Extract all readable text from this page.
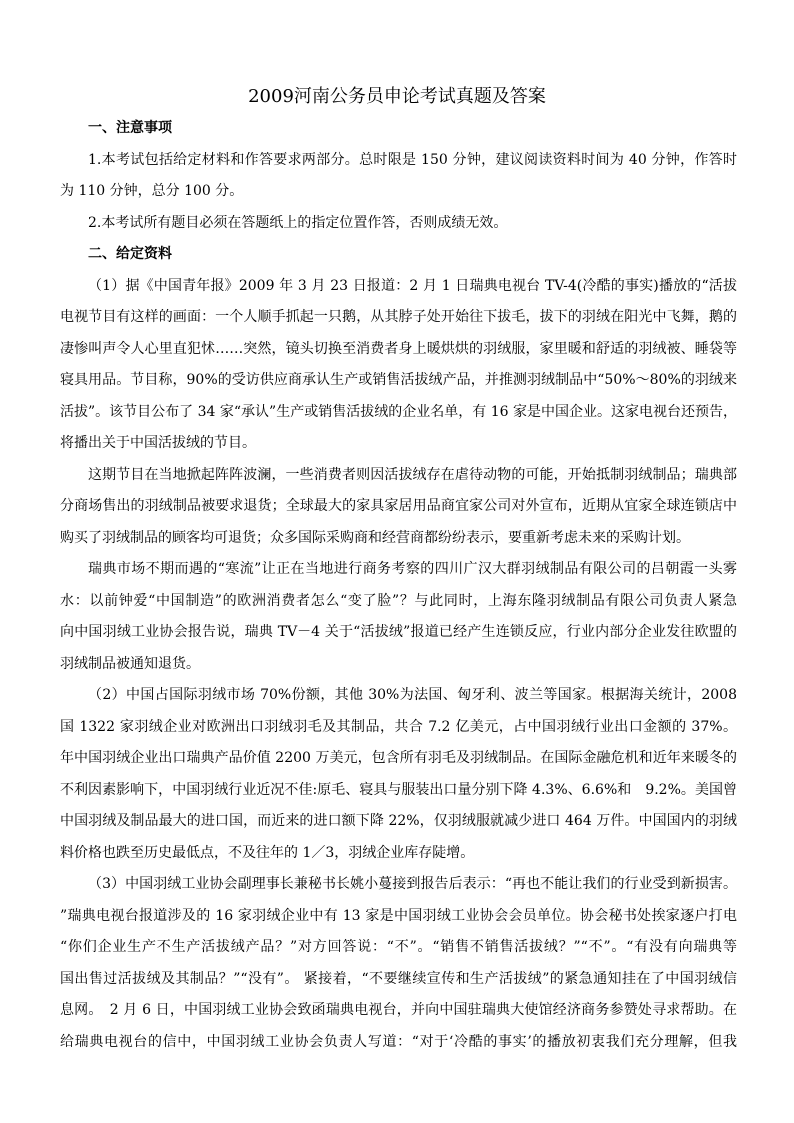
2009河南公务员申论考试真题及答案
一、注意事项
1.本考试包括给定材料和作答要求两部分。总时限是 150 分钟，建议阅读资料时间为 40 分钟，作答时
为 110 分钟，总分 100 分。
2.本考试所有题目必须在答题纸上的指定位置作答，否则成绩无效。
二、给定资料
（1）据《中国青年报》2009 年 3 月 23 日报道：2 月 1 日瑞典电视台 TV-4(冷酷的事实)播放的“活拔
电视节目有这样的画面：一个人顺手抓起一只鹅，从其脖子处开始往下拔毛，拔下的羽绒在阳光中飞舞，鹅的
凄惨叫声令人心里直犯怵……突然，镜头切换至消费者身上暖烘烘的羽绒服，家里暖和舒适的羽绒被、睡袋等
寝具用品。节目称，90%的受访供应商承认生产或销售活拔绒产品，并推测羽绒制品中“50%～80%的羽绒来
活拔”。该节目公布了 34 家“承认”生产或销售活拔绒的企业名单，有 16 家是中国企业。这家电视台还预告，
将播出关于中国活拔绒的节目。
这期节目在当地掀起阵阵波澜，一些消费者则因活拔绒存在虐待动物的可能，开始抵制羽绒制品；瑞典部
分商场售出的羽绒制品被要求退货；全球最大的家具家居用品商宜家公司对外宣布，近期从宜家全球连锁店中
购买了羽绒制品的顾客均可退货；众多国际采购商和经营商都纷纷表示，要重新考虑未来的采购计划。
瑞典市场不期而遇的“寒流”让正在当地进行商务考察的四川广汉大群羽绒制品有限公司的吕朝霞一头雾
水：以前钟爱“中国制造”的欧洲消费者怎么“变了脸”？与此同时，上海东隆羽绒制品有限公司负责人紧急
向中国羽绒工业协会报告说，瑞典 TV－4 关于“活拔绒”报道已经产生连锁反应，行业内部分企业发往欧盟的
羽绒制品被通知退货。
（2）中国占国际羽绒市场 70%份额，其他 30%为法国、匈牙利、波兰等国家。根据海关统计，2008
国 1322 家羽绒企业对欧洲出口羽绒羽毛及其制品，共合 7.2 亿美元，占中国羽绒行业出口金额的 37%。
年中国羽绒企业出口瑞典产品价值 2200 万美元，包含所有羽毛及羽绒制品。在国际金融危机和近年来暖冬的
不利因素影响下，中国羽绒行业近况不佳:原毛、寝具与服装出口量分别下降 4.3%、6.6%和　9.2%。美国曾
中国羽绒及制品最大的进口国，而近来的进口额下降 22%，仅羽绒服就减少进口 464 万件。中国国内的羽绒
料价格也跌至历史最低点，不及往年的 1／3，羽绒企业库存陡增。
（3）中国羽绒工业协会副理事长兼秘书长姚小蔓接到报告后表示：“再也不能让我们的行业受到新损害。
”瑞典电视台报道涉及的 16 家羽绒企业中有 13 家是中国羽绒工业协会会员单位。协会秘书处挨家逐户打电
“你们企业生产不生产活拔绒产品？”对方回答说：“不”。“销售不销售活拔绒？”“不”。“有没有向瑞典等
国出售过活拔绒及其制品？”“没有”。 紧接着，“不要继续宣传和生产活拔绒”的紧急通知挂在了中国羽绒信
息网。　2 月 6 日，中国羽绒工业协会致函瑞典电视台，并向中国驻瑞典大使馆经济商务参赞处寻求帮助。在
给瑞典电视台的信中，中国羽绒工业协会负责人写道：“对于‘冷酷的事实’的播放初衷我们充分理解，但我
